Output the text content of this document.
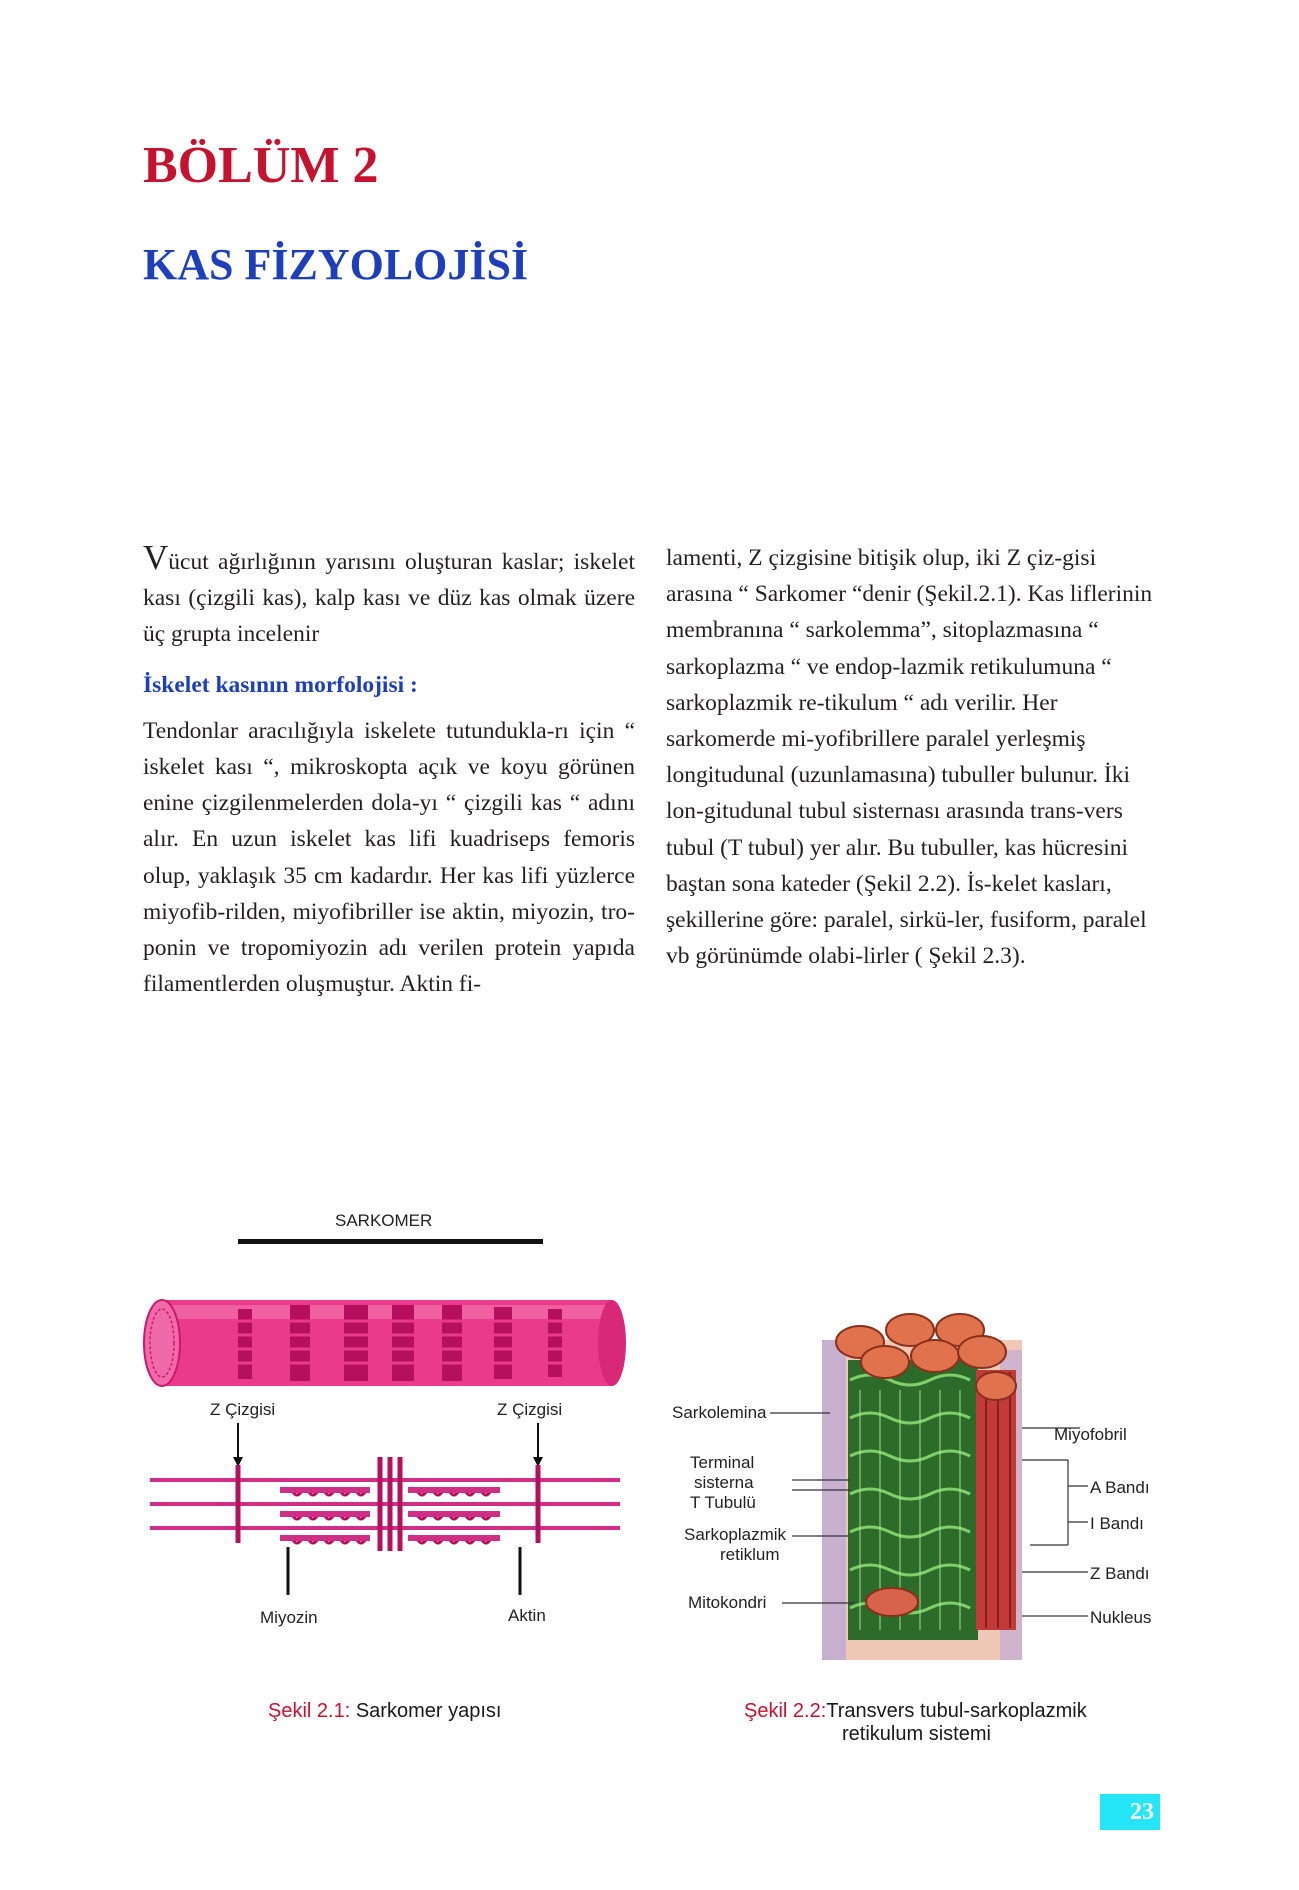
BÖLÜM 2
KAS FİZYOLOJİSİ

Vücut ağırlığının yarısını oluşturan kaslar; iskelet kası (çizgili kas), kalp kası ve düz kas olmak üzere üç grupta incelenir

İskelet kasının morfolojisi :

Tendonlar aracılığıyla iskelete tutundukla-rı için “ iskelet kası “, mikroskopta açık ve koyu görünen enine çizgilenmelerden dola-yı “ çizgili kas “ adını alır. En uzun iskelet kas lifi kuadriseps femoris olup, yaklaşık 35 cm kadardır. Her kas lifi yüzlerce miyofib-rilden, miyofibriller ise aktin, miyozin, tro-ponin ve tropomiyozin adı verilen protein yapıda filamentlerden oluşmuştur. Aktin fi-

lamenti, Z çizgisine bitişik olup, iki Z çiz-gisi arasına “ Sarkomer “denir (Şekil.2.1). Kas liflerinin membranına “ sarkolemma”, sitoplazmasına “ sarkoplazma “ ve endop-lazmik retikulumuna “ sarkoplazmik re-tikulum “ adı verilir. Her sarkomerde mi-yofibrillere paralel yerleşmiş longitudunal (uzunlamasına) tubuller bulunur. İki lon-gitudunal tubul sisternası arasında trans-vers tubul (T tubul) yer alır. Bu tubuller, kas hücresini baştan sona kateder (Şekil 2.2). İs-kelet kasları, şekillerine göre: paralel, sirkü-ler, fusiform, paralel vb görünümde olabi-lirler ( Şekil 2.3).

SARKOMER
Z Çizgisi	Z Çizgisi
Miyozin	Aktin
Sarkolemina
Terminal
sisterna
T Tubulü
Sarkoplazmik
retiklum
Mitokondri
Miyofobril
A Bandı
I Bandı
Z Bandı
Nukleus
Şekil 2.1: Sarkomer yapısı	Şekil 2.2:Transvers tubul-sarkoplazmik
retikulum sistemi
23
